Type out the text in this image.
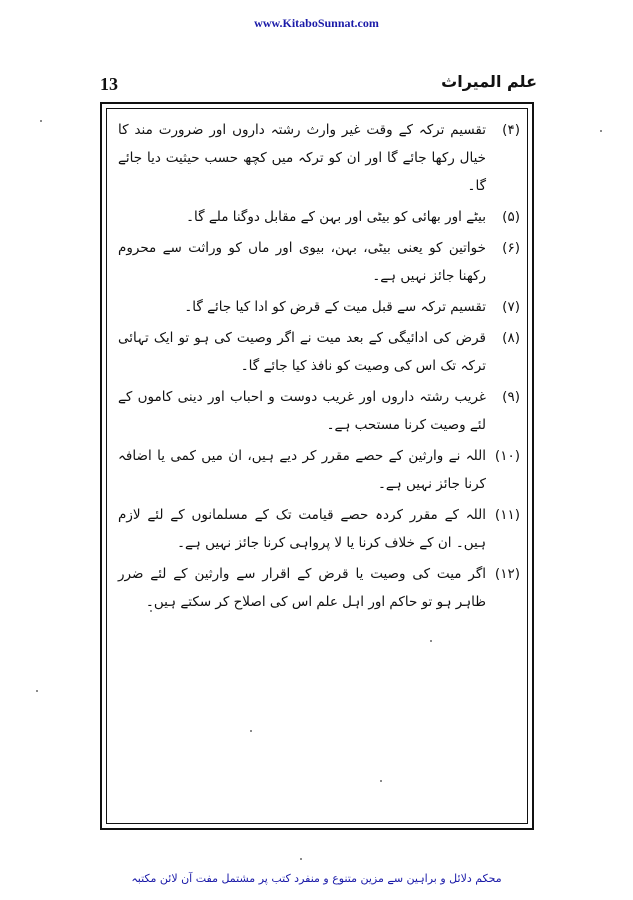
www.KitaboSunnat.com
13	علم المیراث
(۴)
تقسیم ترکہ کے وقت غیر وارث رشتہ داروں اور ضرورت مند کا خیال رکھا جائے گا اور ان کو ترکہ میں کچھ حسب حیثیت دیا جائے گا۔
(۵)
بیٹے اور بھائی کو بیٹی اور بہن کے مقابل دوگنا ملے گا۔
(۶)
خواتین کو یعنی بیٹی، بہن، بیوی اور ماں کو وراثت سے محروم رکھنا جائز نہیں ہے۔
(۷)
تقسیم ترکہ سے قبل میت کے قرض کو ادا کیا جائے گا۔
(۸)
قرض کی ادائیگی کے بعد میت نے اگر وصیت کی ہو تو ایک تہائی ترکہ تک اس کی وصیت کو نافذ کیا جائے گا۔
(۹)
غریب رشتہ داروں اور غریب دوست و احباب اور دینی کاموں کے لئے وصیت کرنا مستحب ہے۔
(۱۰)
اللہ نے وارثین کے حصے مقرر کر دیے ہیں، ان میں کمی یا اضافہ کرنا جائز نہیں ہے۔
(۱۱)
اللہ کے مقرر کردہ حصے قیامت تک کے مسلمانوں کے لئے لازم ہیں۔ ان کے خلاف کرنا یا لا پرواہی کرنا جائز نہیں ہے۔
(۱۲)
اگر میت کی وصیت یا قرض کے اقرار سے وارثین کے لئے ضرر ظاہر ہو تو حاکم اور اہل علم اس کی اصلاح کر سکتے ہیں۔
محکم دلائل و براہین سے مزین متنوع و منفرد کتب پر مشتمل مفت آن لائن مکتبہ
